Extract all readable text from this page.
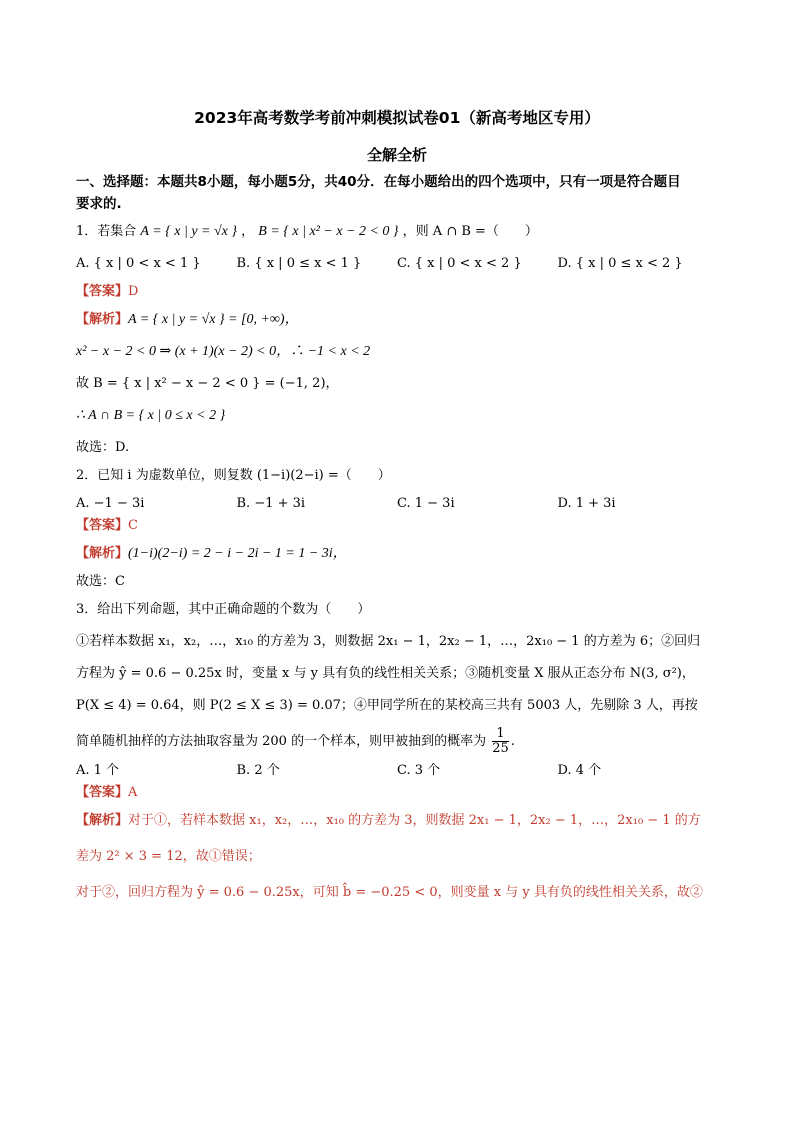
2023年高考数学考前冲刺模拟试卷01（新高考地区专用）
全解全析
一、选择题：本题共8小题，每小题5分，共40分．在每小题给出的四个选项中，只有一项是符合题目
要求的.
1．若集合 A = { x | y = √x } ， B = { x | x² − x − 2 < 0 } ，则 A ∩ B =（　　）
A. { x | 0 < x < 1 }	B. { x | 0 ≤ x < 1 }	C. { x | 0 < x < 2 }	D. { x | 0 ≤ x < 2 }
【答案】D
【解析】A = { x | y = √x } = [0, +∞)，
x² − x − 2 < 0 ⇒ (x + 1)(x − 2) < 0，∴ −1 < x < 2
故 B = { x | x² − x − 2 < 0 } = (−1, 2)，
∴ A ∩ B = { x | 0 ≤ x < 2 }
故选：D.
2．已知 i 为虚数单位，则复数 (1−i)(2−i) =（　　）
A. −1 − 3i	B. −1 + 3i	C. 1 − 3i	D. 1 + 3i
【答案】C
【解析】(1−i)(2−i) = 2 − i − 2i − 1 = 1 − 3i，
故选：C
3．给出下列命题，其中正确命题的个数为（　　）
①若样本数据 x₁，x₂，…，x₁₀ 的方差为 3，则数据 2x₁ − 1，2x₂ − 1，…，2x₁₀ − 1 的方差为 6；②回归
方程为 ŷ = 0.6 − 0.25x 时，变量 x 与 y 具有负的线性相关关系；③随机变量 X 服从正态分布 N(3, σ²)，
P(X ≤ 4) = 0.64，则 P(2 ≤ X ≤ 3) = 0.07；④甲同学所在的某校高三共有 5003 人，先剔除 3 人，再按
简单随机抽样的方法抽取容量为 200 的一个样本，则甲被抽到的概率为 $\frac{1}{25}$ .
A. 1 个	B. 2 个	C. 3 个	D. 4 个
【答案】A
【解析】对于①，若样本数据 x₁，x₂，…，x₁₀ 的方差为 3，则数据 2x₁ − 1，2x₂ − 1，…，2x₁₀ − 1 的方
差为 2² × 3 = 12，故①错误；
对于②，回归方程为 ŷ = 0.6 − 0.25x，可知 b̂ = −0.25 < 0，则变量 x 与 y 具有负的线性相关关系，故②
